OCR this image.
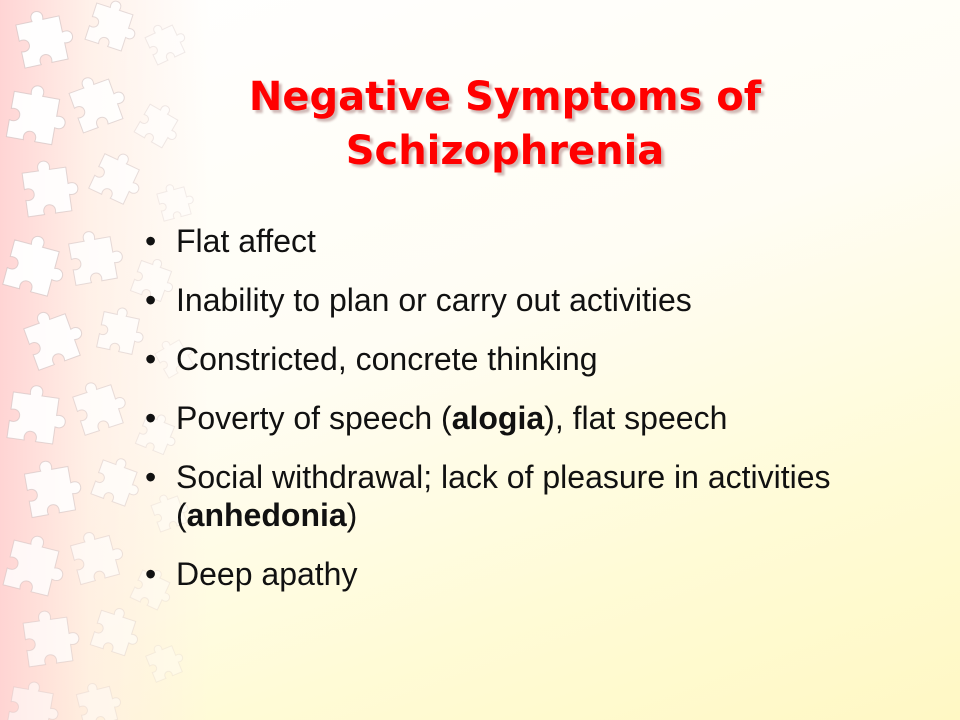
Negative Symptoms of Schizophrenia
• Flat affect
• Inability to plan or carry out activities
• Constricted, concrete thinking
• Poverty of speech (alogia), flat speech
• Social withdrawal; lack of pleasure in activities (anhedonia)
• Deep apathy
